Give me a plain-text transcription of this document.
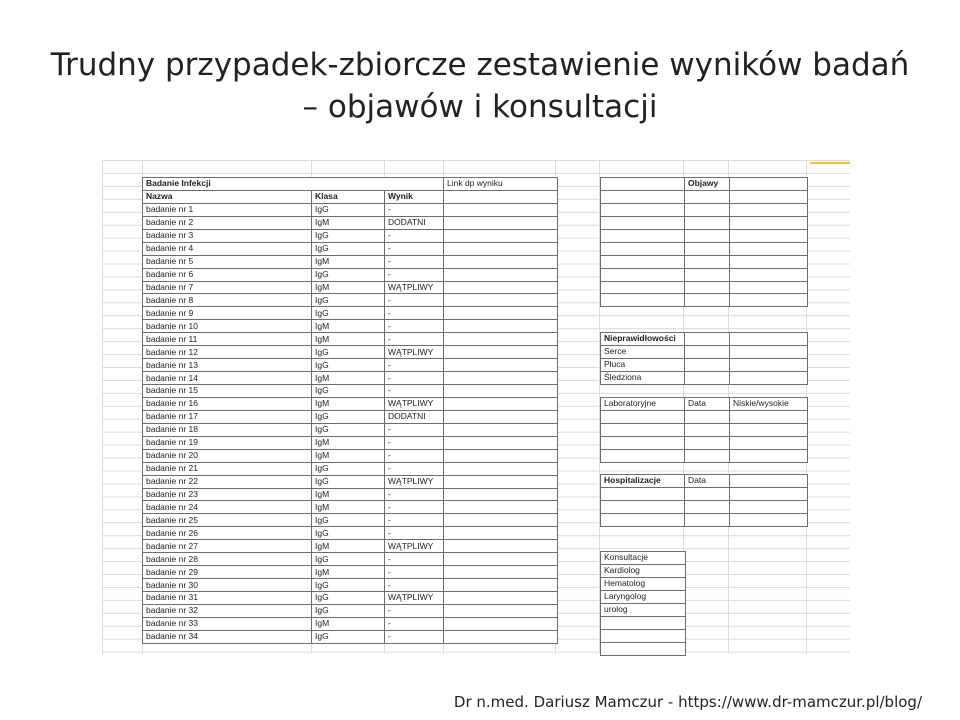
Trudny przypadek-zbiorcze zestawienie wyników badań
– objawów i konsultacji
Badanie Infekcji			Link dp wyniku
Nazwa	Klasa	Wynik	
badanie nr 1	IgG	-	
badanie nr 2	IgM	DODATNI	
badanie nr 3	IgG	-	
badanie nr 4	IgG	-	
badanie nr 5	IgM	-	
badanie nr 6	IgG	-	
badanie nr 7	IgM	WĄTPLIWY	
badanie nr 8	IgG	-	
badanie nr 9	IgG	-	
badanie nr 10	IgM	-	
badanie nr 11	IgM	-	
badanie nr 12	IgG	WĄTPLIWY	
badanie nr 13	IgG	-	
badanie nr 14	IgM	-	
badanie nr 15	IgG	-	
badanie nr 16	IgM	WĄTPLIWY	
badanie nr 17	IgG	DODATNI	
badanie nr 18	IgG	-	
badanie nr 19	IgM	-	
badanie nr 20	IgM	-	
badanie nr 21	IgG	-	
badanie nr 22	IgG	WĄTPLIWY	
badanie nr 23	IgM	-	
badanie nr 24	IgM	-	
badanie nr 25	IgG	-	
badanie nr 26	IgG	-	
badanie nr 27	IgM	WĄTPLIWY	
badanie nr 28	IgG	-	
badanie nr 29	IgM	-	
badanie nr 30	IgG	-	
badanie nr 31	IgG	WĄTPLIWY	
badanie nr 32	IgG	-	
badanie nr 33	IgM	-	
badanie nr 34	IgG	-	
	Objawy	

Nieprawidłowości		
Serce		
Płuca		
Śledziona		
Laboratoryjne	Data	Niskie/wysokie

Hospitalizacje	Data	

Konsultacje
Kardiolog
Hematolog
Laryngolog
urolog

Dr n.med. Dariusz Mamczur - https://www.dr-mamczur.pl/blog/
